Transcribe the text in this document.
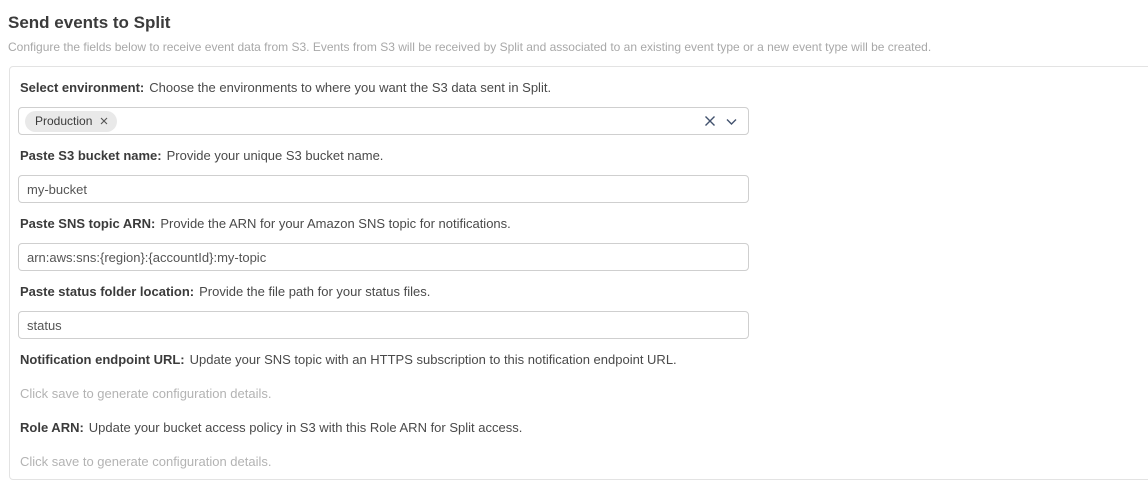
Send events to Split

Configure the fields below to receive event data from S3. Events from S3 will be received by Split and associated to an existing event type or a new event type will be created.

Select environment: Choose the environments to where you want the S3 data sent in Split.

Production

Paste S3 bucket name: Provide your unique S3 bucket name.

my-bucket

Paste SNS topic ARN: Provide the ARN for your Amazon SNS topic for notifications.

arn:aws:sns:{region}:{accountId}:my-topic

Paste status folder location: Provide the file path for your status files.

status

Notification endpoint URL: Update your SNS topic with an HTTPS subscription to this notification endpoint URL.

Click save to generate configuration details.

Role ARN: Update your bucket access policy in S3 with this Role ARN for Split access.

Click save to generate configuration details.
